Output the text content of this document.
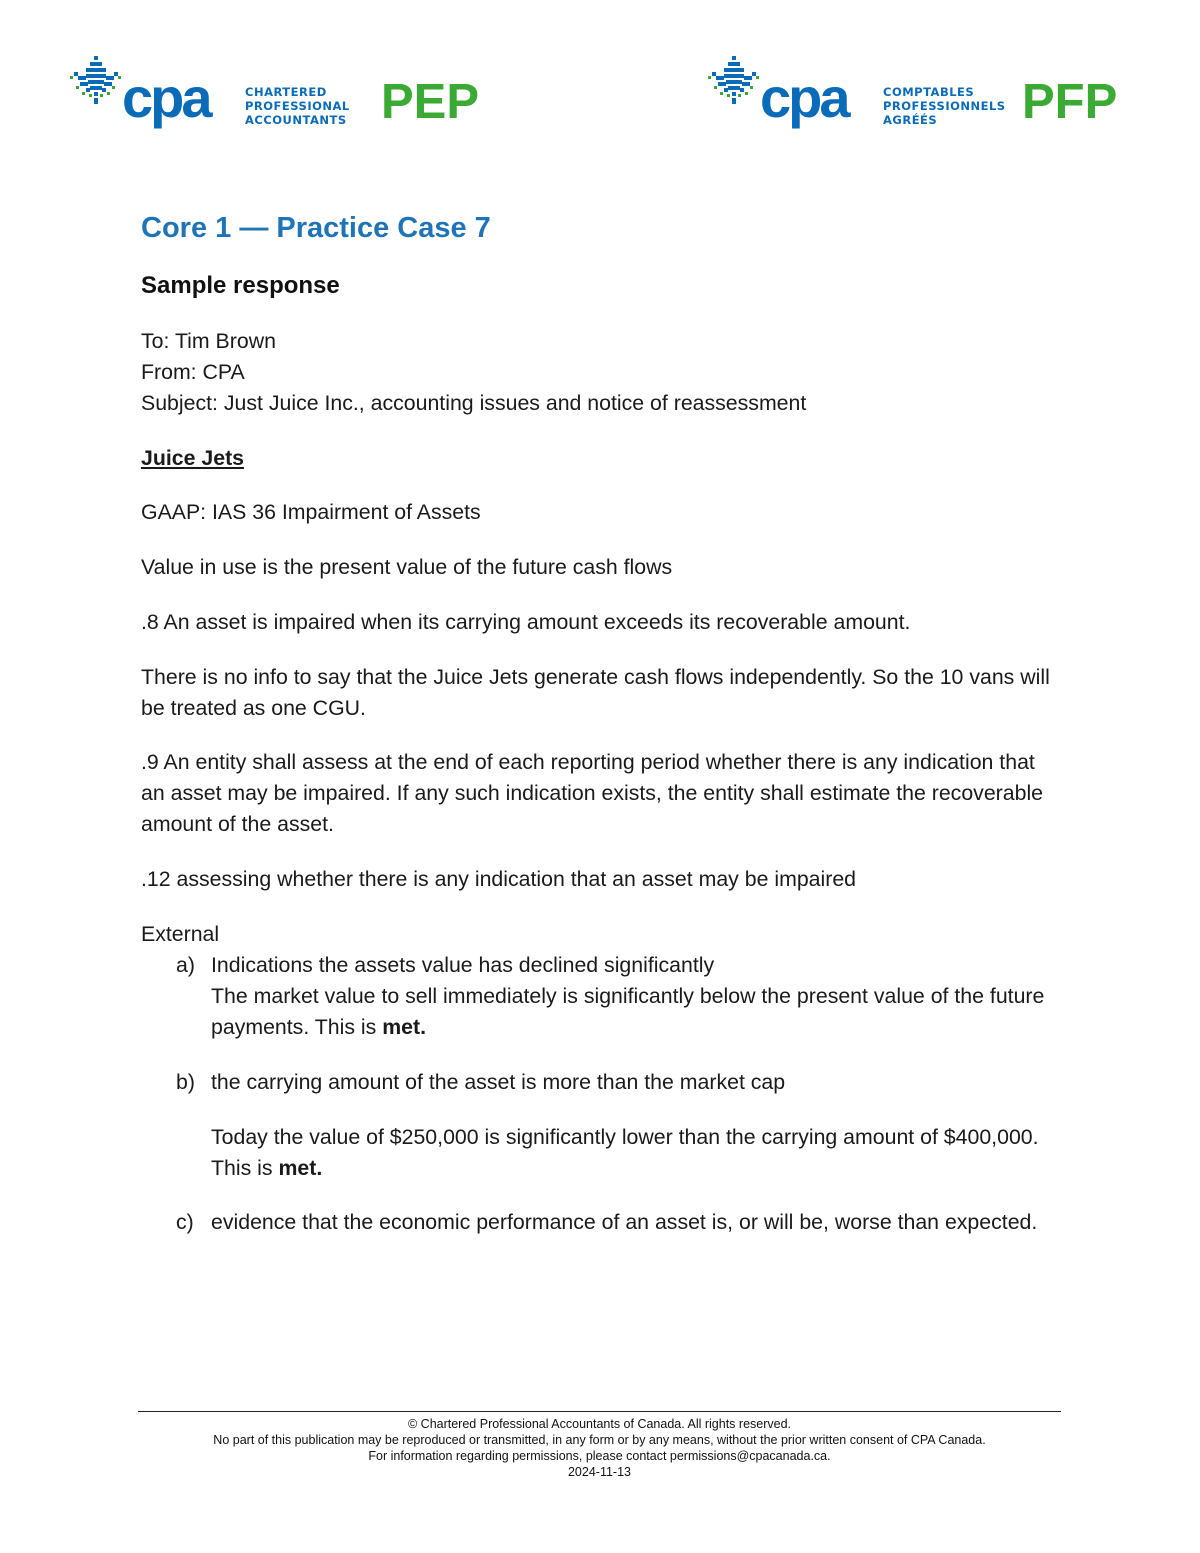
cpa	CHARTERED
PROFESSIONAL
ACCOUNTANTS PEP	cpa	COMPTABLES
PROFESSIONNELS
AGRÉÉS	PFP
Core 1 — Practice Case 7
Sample response
To: Tim Brown
From: CPA
Subject: Just Juice Inc., accounting issues and notice of reassessment
Juice Jets
GAAP: IAS 36 Impairment of Assets
Value in use is the present value of the future cash flows
.8 An asset is impaired when its carrying amount exceeds its recoverable amount.
There is no info to say that the Juice Jets generate cash flows independently. So the 10 vans will be treated as one CGU.
.9 An entity shall assess at the end of each reporting period whether there is any indication that an asset may be impaired. If any such indication exists, the entity shall estimate the recoverable amount of the asset.
.12 assessing whether there is any indication that an asset may be impaired
External
a) Indications the assets value has declined significantly
The market value to sell immediately is significantly below the present value of the future payments. This is met.
b) the carrying amount of the asset is more than the market cap
Today the value of $250,000 is significantly lower than the carrying amount of $400,000. This is met.
c) evidence that the economic performance of an asset is, or will be, worse than expected.
© Chartered Professional Accountants of Canada. All rights reserved.
No part of this publication may be reproduced or transmitted, in any form or by any means, without the prior written consent of CPA Canada.
For information regarding permissions, please contact permissions@cpacanada.ca.
2024-11-13
